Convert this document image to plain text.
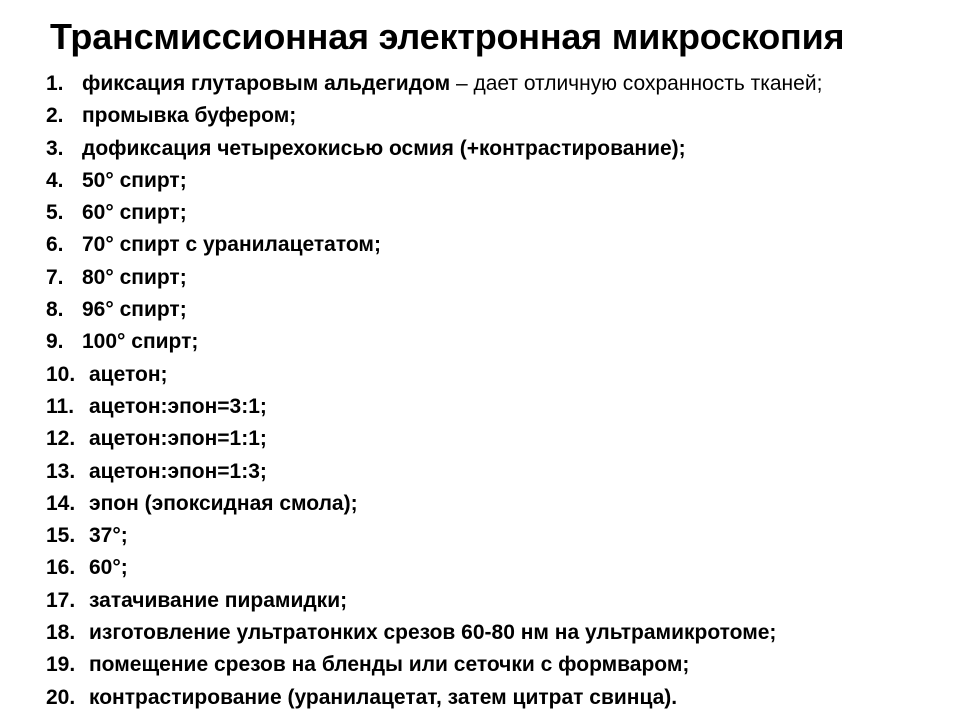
Трансмиссионная электронная микроскопия
1. фиксация глутаровым альдегидом – дает отличную сохранность тканей;
2. промывка буфером;
3. дофиксация четырехокисью осмия (+контрастирование);
4. 50° спирт;
5. 60° спирт;
6. 70° спирт с уранилацетатом;
7. 80° спирт;
8. 96° спирт;
9. 100° спирт;
10. ацетон;
11. ацетон:эпон=3:1;
12. ацетон:эпон=1:1;
13. ацетон:эпон=1:3;
14. эпон (эпоксидная смола);
15. 37°;
16. 60°;
17. затачивание пирамидки;
18. изготовление ультратонких срезов 60-80 нм на ультрамикротоме;
19. помещение срезов на бленды или сеточки с формваром;
20. контрастирование (уранилацетат, затем цитрат свинца).
